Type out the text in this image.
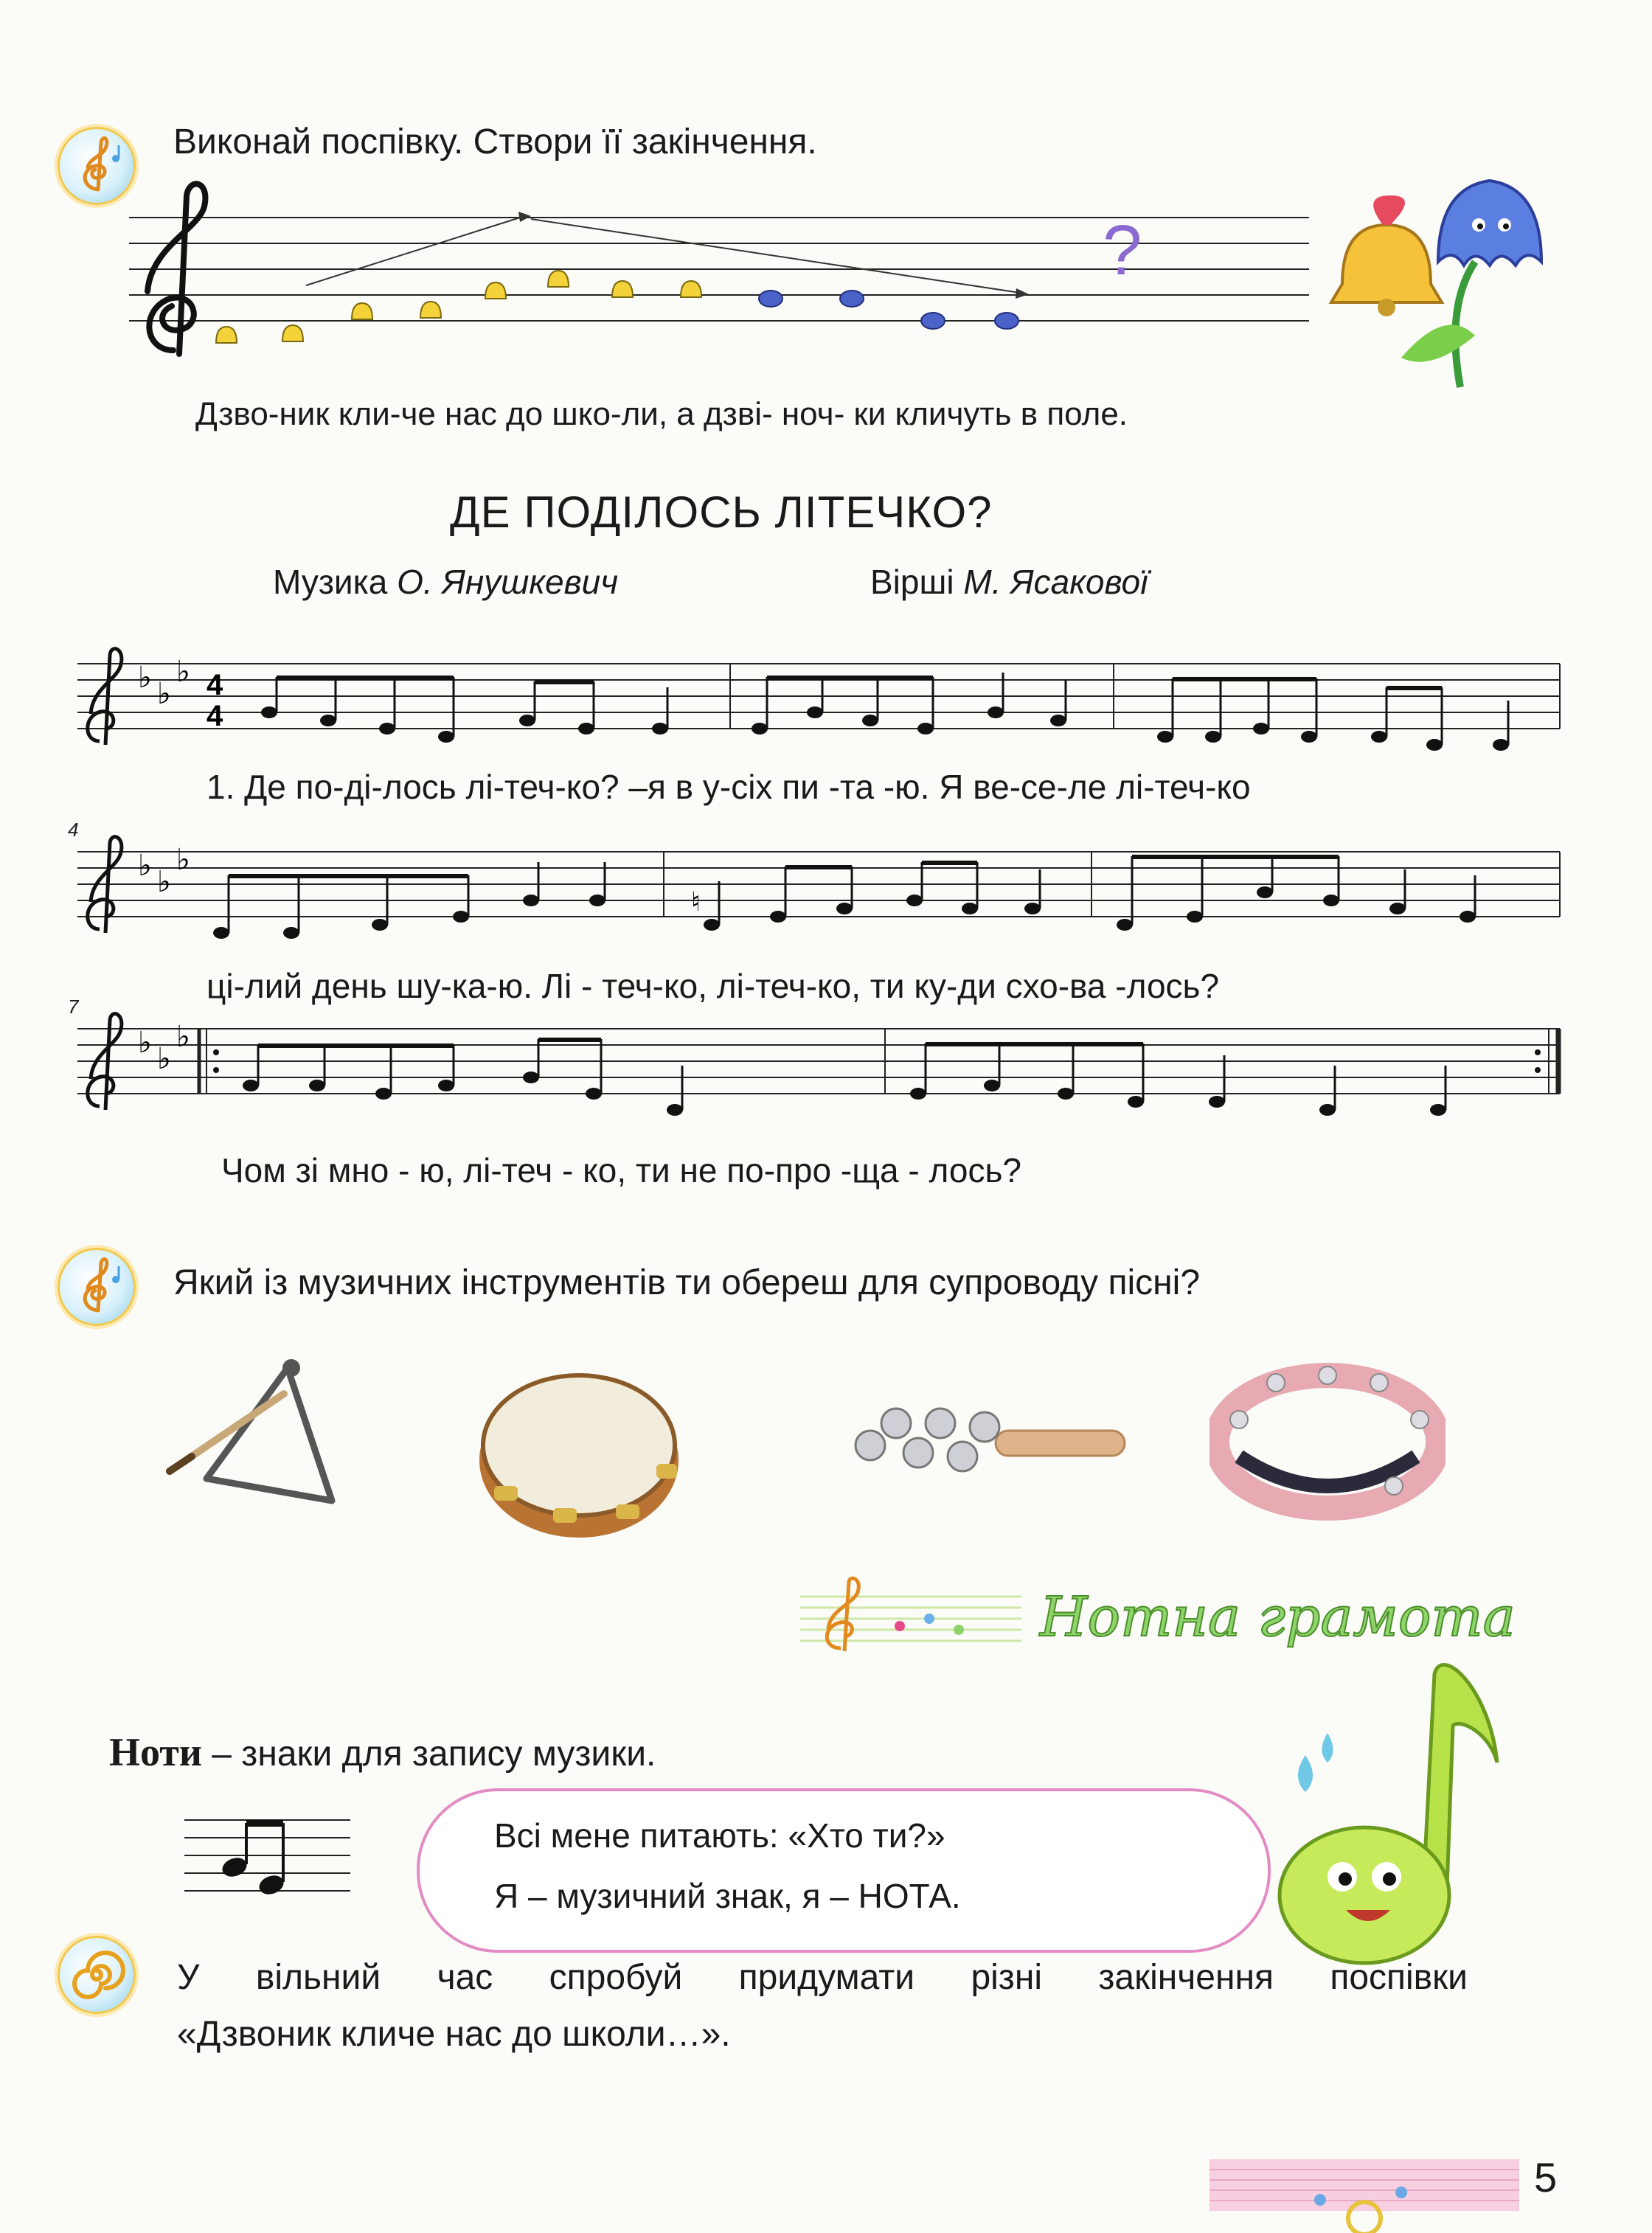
Виконай поспівку. Створи її закінчення.
?
Дзво-ник кли-че нас до шко-ли, а дзві- ноч- ки кличуть в поле.
ДЕ ПОДІЛОСЬ ЛІТЕЧКО?
Музика О. Янушкевич	Вірші М. Ясакової
♭ ♭
♭ 4
4
1. Де по-ді-лось лі-теч-ко? –я в у-сіх пи -та -ю. Я ве-се-ле лі-теч-ко
4
♭ ♭
♭
♮
ці-лий день шу-ка-ю. Лі - теч-ко, лі-теч-ко, ти ку-ди схо-ва -лось?
7
♭ ♭
♭
Чом зі мно - ю, лі-теч - ко, ти не по-про -ща - лось?
Який із музичних інструментів ти обереш для супроводу пісні?
Нотна грамота
Ноти – знаки для запису музики.
Всі мене питають: «Хто ти?»
Я – музичний знак, я – НОТА.
У вільний час спробуй придумати різні закінчення поспівки
«Дзвоник кличе нас до школи…».
5
